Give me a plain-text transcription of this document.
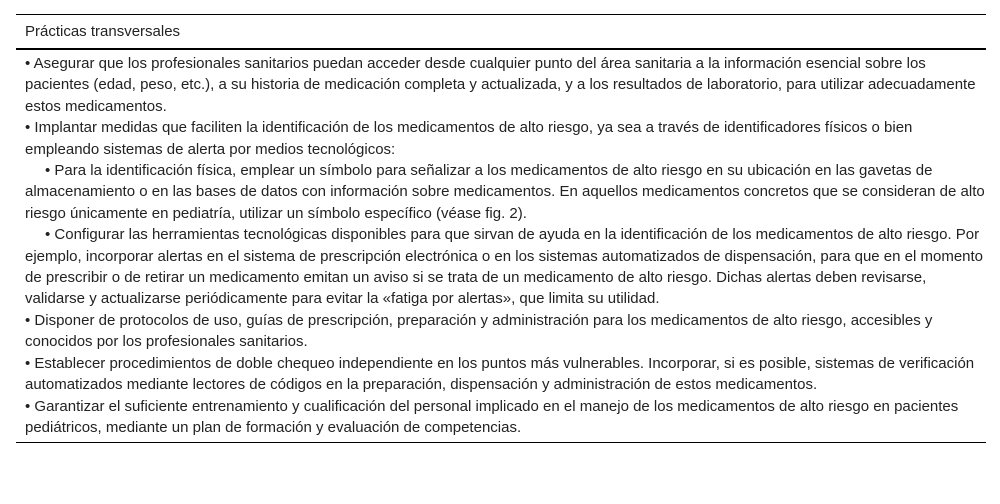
Prácticas transversales

• Asegurar que los profesionales sanitarios puedan acceder desde cualquier punto del área sanitaria a la información esencial sobre los pacientes (edad, peso, etc.), a su historia de medicación completa y actualizada, y a los resultados de laboratorio, para utilizar adecuadamente estos medicamentos.

• Implantar medidas que faciliten la identificación de los medicamentos de alto riesgo, ya sea a través de identificadores físicos o bien empleando sistemas de alerta por medios tecnológicos:

• Para la identificación física, emplear un símbolo para señalizar a los medicamentos de alto riesgo en su ubicación en las gavetas de almacenamiento o en las bases de datos con información sobre medicamentos. En aquellos medicamentos concretos que se consideran de alto riesgo únicamente en pediatría, utilizar un símbolo específico (véase fig. 2).

• Configurar las herramientas tecnológicas disponibles para que sirvan de ayuda en la identificación de los medicamentos de alto riesgo. Por ejemplo, incorporar alertas en el sistema de prescripción electrónica o en los sistemas automatizados de dispensación, para que en el momento de prescribir o de retirar un medicamento emitan un aviso si se trata de un medicamento de alto riesgo. Dichas alertas deben revisarse, validarse y actualizarse periódicamente para evitar la «fatiga por alertas», que limita su utilidad.

• Disponer de protocolos de uso, guías de prescripción, preparación y administración para los medicamentos de alto riesgo, accesibles y conocidos por los profesionales sanitarios.

• Establecer procedimientos de doble chequeo independiente en los puntos más vulnerables. Incorporar, si es posible, sistemas de verificación automatizados mediante lectores de códigos en la preparación, dispensación y administración de estos medicamentos.

• Garantizar el suficiente entrenamiento y cualificación del personal implicado en el manejo de los medicamentos de alto riesgo en pacientes pediátricos, mediante un plan de formación y evaluación de competencias.
